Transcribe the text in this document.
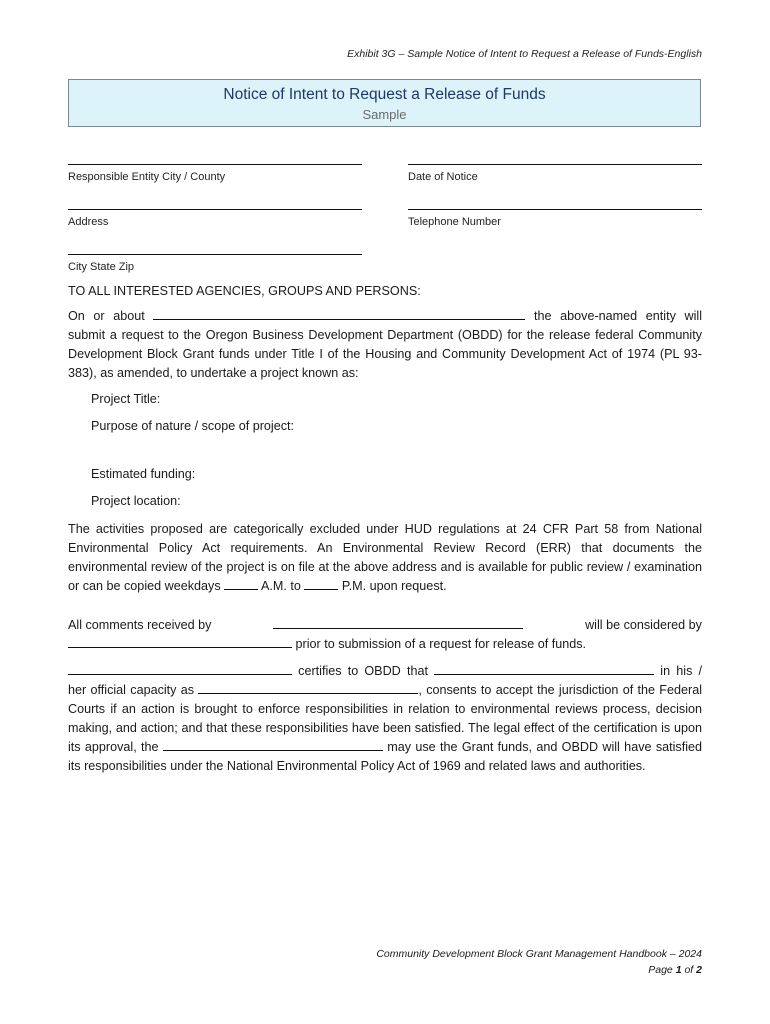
Exhibit 3G – Sample Notice of Intent to Request a Release of Funds-English
Notice of Intent to Request a Release of Funds
Sample
Responsible Entity City / County	Date of Notice
Address	Telephone Number
City State Zip
TO ALL INTERESTED AGENCIES, GROUPS AND PERSONS:
On or about	the above-named entity will submit a request to the Oregon Business Development Department (OBDD) for the release federal Community Development Block Grant funds under Title I of the Housing and Community Development Act of 1974 (PL 93-383), as amended, to undertake a project known as:
Project Title:
Purpose of nature / scope of project:
Estimated funding:
Project location:
The activities proposed are categorically excluded under HUD regulations at 24 CFR Part 58 from National Environmental Policy Act requirements. An Environmental Review Record (ERR) that documents the environmental review of the project is on file at the above address and is available for public review / examination or can be copied weekdays	A.M. to	P.M. upon request.
All comments received by	will be considered by
prior to submission of a request for release of funds.
certifies to OBDD that	in his / her official capacity as	, consents to accept the jurisdiction of the Federal Courts if an action is brought to enforce responsibilities in relation to environmental reviews process, decision making, and action; and that these responsibilities have been satisfied. The legal effect of the certification is upon its approval, the	may use the Grant funds, and OBDD will have satisfied its responsibilities under the National Environmental Policy Act of 1969 and related laws and authorities.
Community Development Block Grant Management Handbook – 2024
Page 1 of 2
